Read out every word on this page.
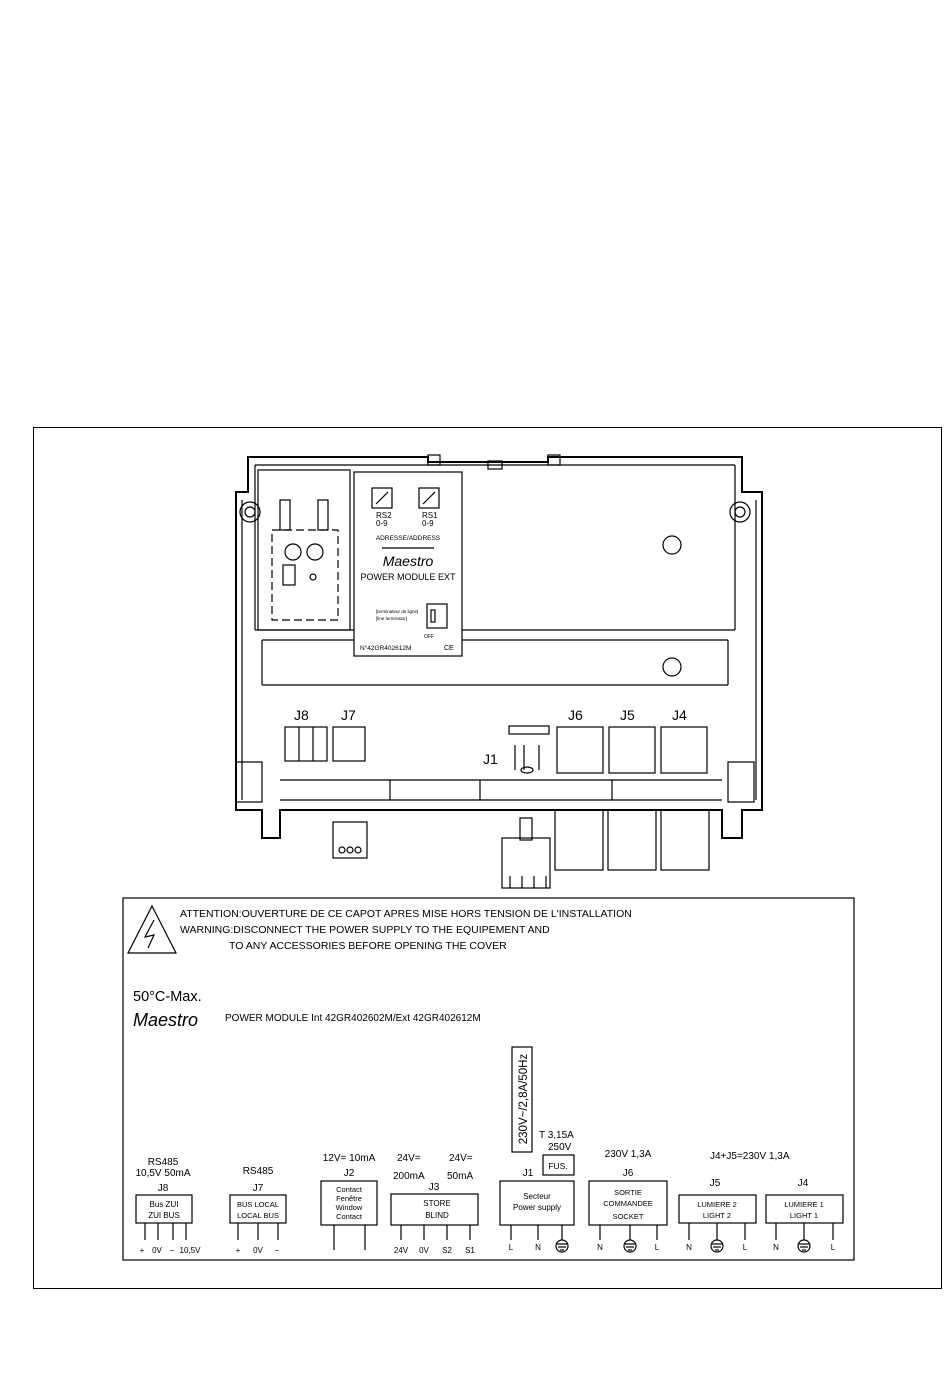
RS2	RS1
0-9	0-9
ADRESSE/ADDRESS
Maestro
POWER MODULE EXT
[terminateur de ligne]
[line terminator]
OFF
N°42GR402612M	CE
J8 J7	J6	J5	J4
J1
ATTENTION:OUVERTURE DE CE CAPOT APRES MISE HORS TENSION DE L'INSTALLATION
WARNING:DISCONNECT THE POWER SUPPLY TO THE EQUIPEMENT AND
TO ANY ACCESSORIES BEFORE OPENING THE COVER
50°C-Max.
Maestro	POWER MODULE Int 42GR402602M/Ext 42GR402612M
230V~/2,8A/50Hz T 3,15A
250V
FUS.
J4+J5=230V 1,3A
RS485
10,5V 50mA
J8
Bus ZUI
ZUI BUS
+ 0V − 10,5V
RS485
J7
BUS LOCAL
LOCAL BUS
+ 0V −
12V= 10mA
J2
Contact
Fenêtre
Window
Contact
24V=	24V=
200mA 50mA
J3
STORE
BLIND
24V 0V S2 S1
J1
Secteur
Power supply
L	N
230V 1,3A
J6
SORTIE
COMMANDEE
SOCKET
N	L
J5
LUMIERE 2
LIGHT 2
N	L
J4
LUMIERE 1
LIGHT 1
N	L
